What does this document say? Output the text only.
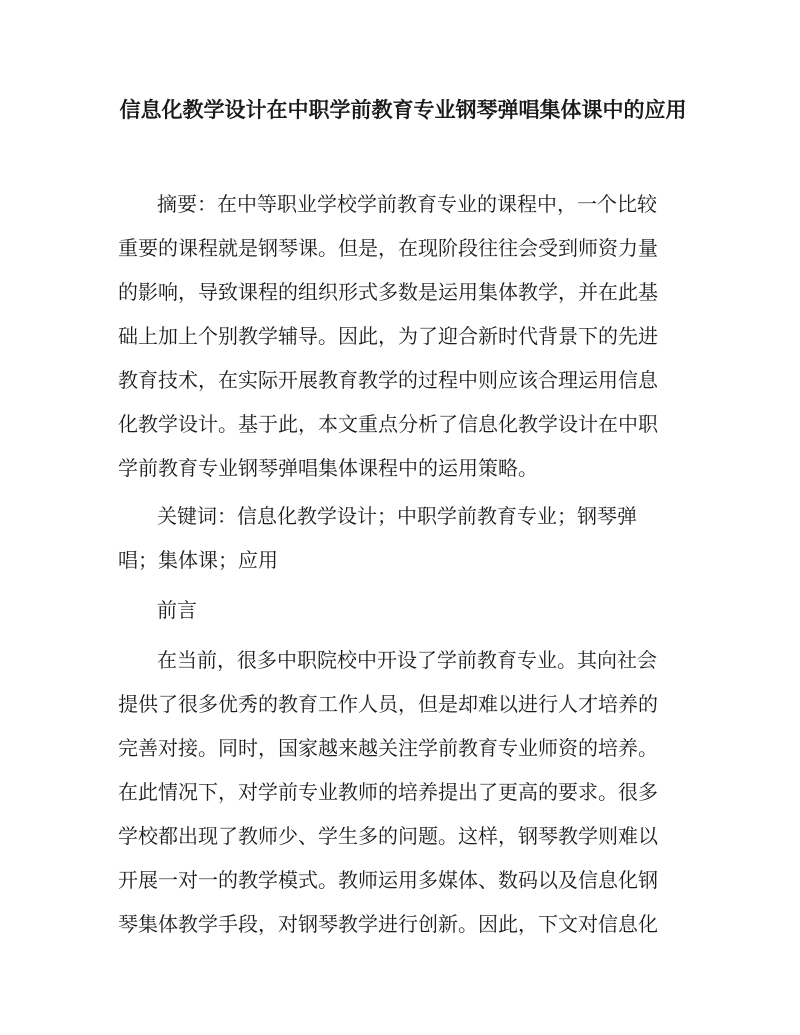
信息化教学设计在中职学前教育专业钢琴弹唱集体课中的应用

摘要：在中等职业学校学前教育专业的课程中，一个比较

重要的课程就是钢琴课。但是，在现阶段往往会受到师资力量

的影响，导致课程的组织形式多数是运用集体教学，并在此基

础上加上个别教学辅导。因此，为了迎合新时代背景下的先进

教育技术，在实际开展教育教学的过程中则应该合理运用信息

化教学设计。基于此，本文重点分析了信息化教学设计在中职

学前教育专业钢琴弹唱集体课程中的运用策略。

关键词：信息化教学设计；中职学前教育专业；钢琴弹

唱；集体课；应用

前言

在当前，很多中职院校中开设了学前教育专业。其向社会

提供了很多优秀的教育工作人员，但是却难以进行人才培养的

完善对接。同时，国家越来越关注学前教育专业师资的培养。

在此情况下，对学前专业教师的培养提出了更高的要求。很多

学校都出现了教师少、学生多的问题。这样，钢琴教学则难以

开展一对一的教学模式。教师运用多媒体、数码以及信息化钢

琴集体教学手段，对钢琴教学进行创新。因此，下文对信息化
